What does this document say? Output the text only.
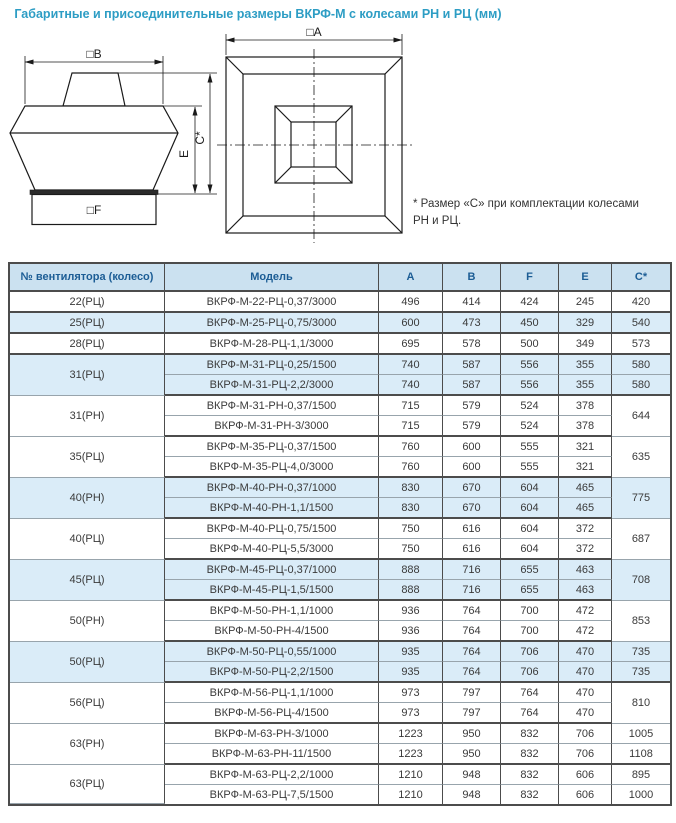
Габаритные и присоединительные размеры ВКРФ-М с колесами РН и РЦ (мм)
□B
□F
E
C*
□A
* Размер «С» при комплектации колесами
РН и РЦ.
№ вентилятора (колесо)	Модель	A	B	F	E	C*
22(РЦ)	ВКРФ-М-22-РЦ-0,37/3000	496	414	424	245	420
25(РЦ)	ВКРФ-М-25-РЦ-0,75/3000	600	473	450	329	540
28(РЦ)	ВКРФ-М-28-РЦ-1,1/3000	695	578	500	349	573
31(РЦ)	ВКРФ-М-31-РЦ-0,25/1500	740	587	556	355	580
	ВКРФ-М-31-РЦ-2,2/3000	740	587	556	355	580
31(РН)	ВКРФ-М-31-РН-0,37/1500	715	579	524	378	644
	ВКРФ-М-31-РН-3/3000	715	579	524	378	
35(РЦ)	ВКРФ-М-35-РЦ-0,37/1500	760	600	555	321	635
	ВКРФ-М-35-РЦ-4,0/3000	760	600	555	321	
40(РН)	ВКРФ-М-40-РН-0,37/1000	830	670	604	465	775
	ВКРФ-М-40-РН-1,1/1500	830	670	604	465	
40(РЦ)	ВКРФ-М-40-РЦ-0,75/1500	750	616	604	372	687
	ВКРФ-М-40-РЦ-5,5/3000	750	616	604	372	
45(РЦ)	ВКРФ-М-45-РЦ-0,37/1000	888	716	655	463	708
	ВКРФ-М-45-РЦ-1,5/1500	888	716	655	463	
50(РН)	ВКРФ-М-50-РН-1,1/1000	936	764	700	472	853
	ВКРФ-М-50-РН-4/1500	936	764	700	472	
50(РЦ)	ВКРФ-М-50-РЦ-0,55/1000	935	764	706	470	735
	ВКРФ-М-50-РЦ-2,2/1500	935	764	706	470	735
56(РЦ)	ВКРФ-М-56-РЦ-1,1/1000	973	797	764	470	810
	ВКРФ-М-56-РЦ-4/1500	973	797	764	470	
63(РН)	ВКРФ-М-63-РН-3/1000	1223	950	832	706	1005
	ВКРФ-М-63-РН-11/1500	1223	950	832	706	1108
63(РЦ)	ВКРФ-М-63-РЦ-2,2/1000	1210	948	832	606	895
	ВКРФ-М-63-РЦ-7,5/1500	1210	948	832	606	1000
